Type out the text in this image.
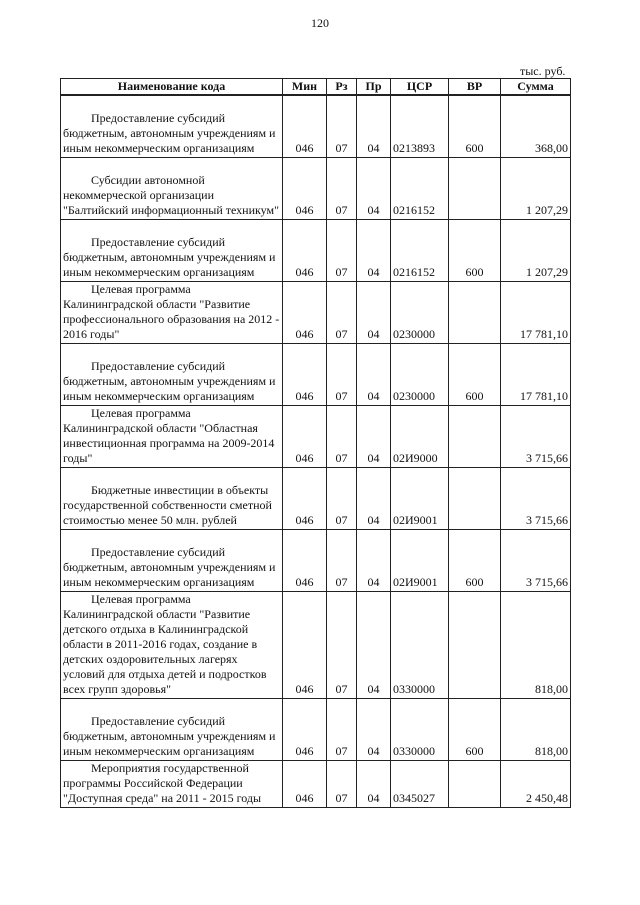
120
тыс. руб.
Наименование кода	Мин	Рз	Пр	ЦСР	ВР	Сумма

Предоставление субсидий бюджетным, автономным учреждениям и иным некоммерческим организациям	046	07	04	0213893	600	368,00

Субсидии автономной некоммерческой организации "Балтийский информационный техникум"	046	07	04	0216152		1 207,29

Предоставление субсидий бюджетным, автономным учреждениям и иным некоммерческим организациям	046	07	04	0216152	600	1 207,29

Целевая программа Калининградской области "Развитие профессионального образования на 2012 - 2016 годы"	046	07	04	0230000		17 781,10

Предоставление субсидий бюджетным, автономным учреждениям и иным некоммерческим организациям	046	07	04	0230000	600	17 781,10

Целевая программа Калининградской области "Областная инвестиционная программа на 2009-2014 годы"	046	07	04	02И9000		3 715,66

Бюджетные инвестиции в объекты государственной собственности сметной стоимостью менее 50 млн. рублей	046	07	04	02И9001		3 715,66

Предоставление субсидий бюджетным, автономным учреждениям и иным некоммерческим организациям	046	07	04	02И9001	600	3 715,66

Целевая программа Калининградской области "Развитие детского отдыха в Калининградской области в 2011-2016 годах, создание в детских оздоровительных лагерях условий для отдыха детей и подростков всех групп здоровья"	046	07	04	0330000		818,00

Предоставление субсидий бюджетным, автономным учреждениям и иным некоммерческим организациям	046	07	04	0330000	600	818,00

Мероприятия государственной программы Российской Федерации "Доступная среда" на 2011 - 2015 годы	046	07	04	0345027		2 450,48
